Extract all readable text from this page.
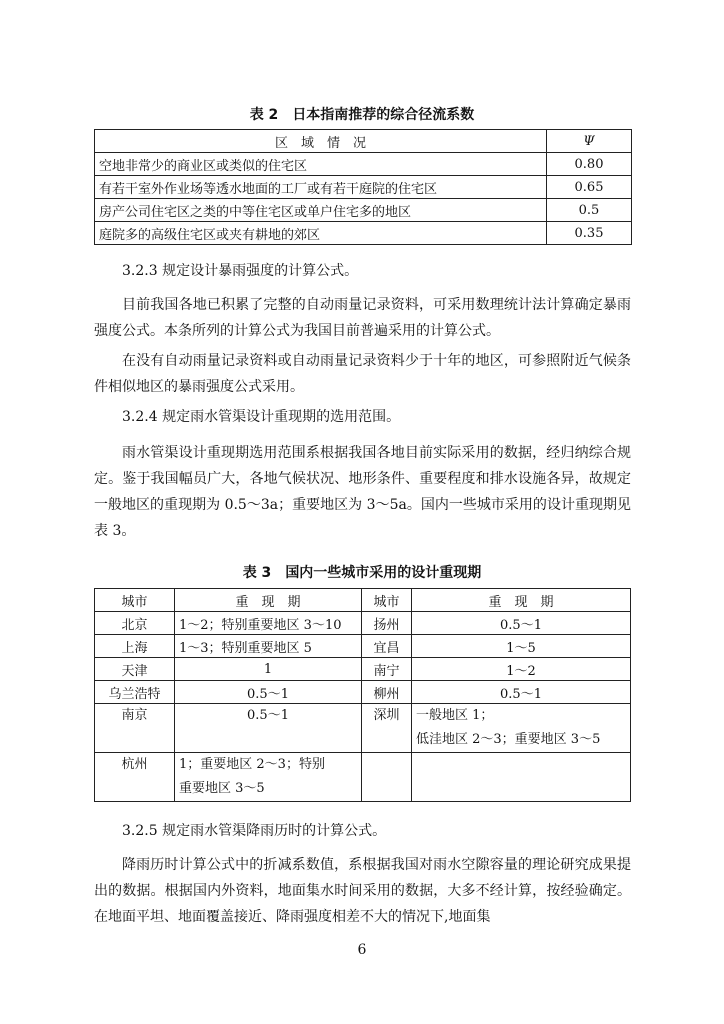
表 2 日本指南推荐的综合径流系数
区　域　情　况	Ψ
空地非常少的商业区或类似的住宅区	0.80
有若干室外作业场等透水地面的工厂或有若干庭院的住宅区	0.65
房产公司住宅区之类的中等住宅区或单户住宅多的地区	0.5
庭院多的高级住宅区或夹有耕地的郊区	0.35
3.2.3 规定设计暴雨强度的计算公式。
目前我国各地已积累了完整的自动雨量记录资料，可采用数理统计法计算确定暴雨强度公式。本条所列的计算公式为我国目前普遍采用的计算公式。
在没有自动雨量记录资料或自动雨量记录资料少于十年的地区，可参照附近气候条件相似地区的暴雨强度公式采用。
3.2.4 规定雨水管渠设计重现期的选用范围。
雨水管渠设计重现期选用范围系根据我国各地目前实际采用的数据，经归纳综合规定。鉴于我国幅员广大，各地气候状况、地形条件、重要程度和排水设施各异，故规定一般地区的重现期为 0.5～3a；重要地区为 3～5a。国内一些城市采用的设计重现期见表 3。
表 3 国内一些城市采用的设计重现期
城市	重　现　期	城市	重　现　期
北京	1～2；特别重要地区 3～10	扬州	0.5～1
上海	1～3；特别重要地区 5	宜昌	1～5
天津	1	南宁	1～2
乌兰浩特	0.5～1	柳州	0.5～1
南京	0.5～1	深圳	一般地区 1；
低洼地区 2～3；重要地区 3～5

杭州	1；重要地区 2～3；特别
重要地区 3～5		

3.2.5 规定雨水管渠降雨历时的计算公式。
降雨历时计算公式中的折减系数值，系根据我国对雨水空隙容量的理论研究成果提出的数据。根据国内外资料，地面集水时间采用的数据，大多不经计算，按经验确定。在地面平坦、地面覆盖接近、降雨强度相差不大的情况下,地面集
6
